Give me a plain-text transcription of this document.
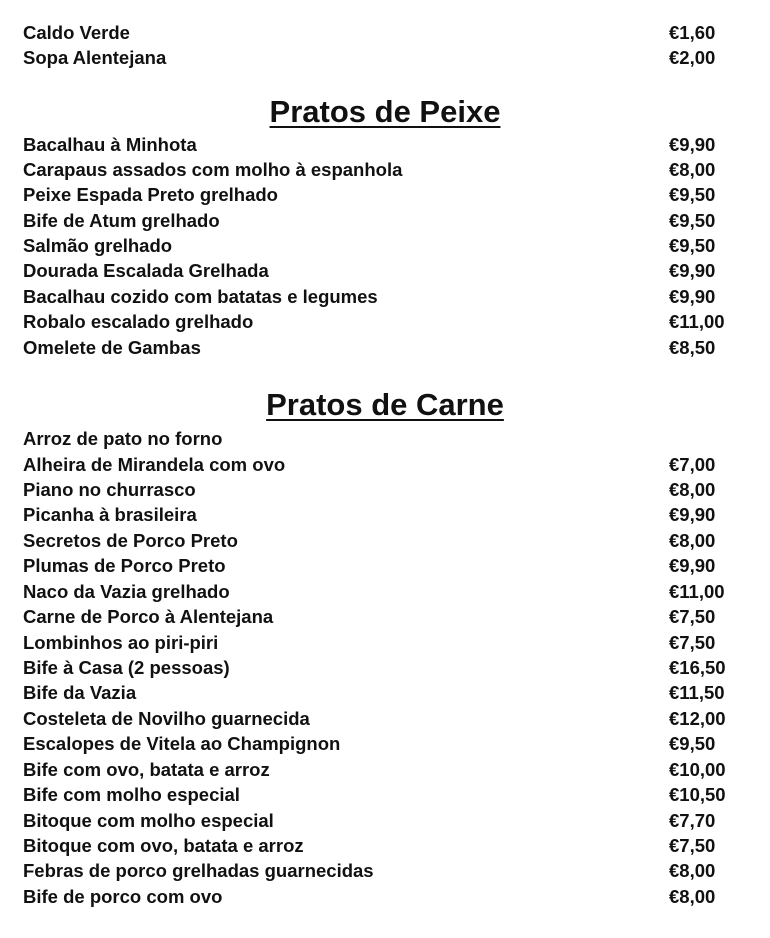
Caldo Verde	€1,60
Sopa Alentejana	€2,00
Pratos de Peixe
Bacalhau à Minhota	€9,90
Carapaus assados com molho à espanhola	€8,00
Peixe Espada Preto grelhado	€9,50
Bife de Atum grelhado	€9,50
Salmão grelhado	€9,50
Dourada Escalada Grelhada	€9,90
Bacalhau cozido com batatas e legumes	€9,90
Robalo escalado grelhado	€11,00
Omelete de Gambas	€8,50
Pratos de Carne
Arroz de pato no forno
Alheira de Mirandela com ovo	€7,00
Piano no churrasco	€8,00
Picanha à brasileira	€9,90
Secretos de Porco Preto	€8,00
Plumas de Porco Preto	€9,90
Naco da Vazia grelhado	€11,00
Carne de Porco à Alentejana	€7,50
Lombinhos ao piri-piri	€7,50
Bife à Casa (2 pessoas)	€16,50
Bife da Vazia	€11,50
Costeleta de Novilho guarnecida	€12,00
Escalopes de Vitela ao Champignon	€9,50
Bife com ovo, batata e arroz	€10,00
Bife com molho especial	€10,50
Bitoque com molho especial	€7,70
Bitoque com ovo, batata e arroz	€7,50
Febras de porco grelhadas guarnecidas	€8,00
Bife de porco com ovo	€8,00
